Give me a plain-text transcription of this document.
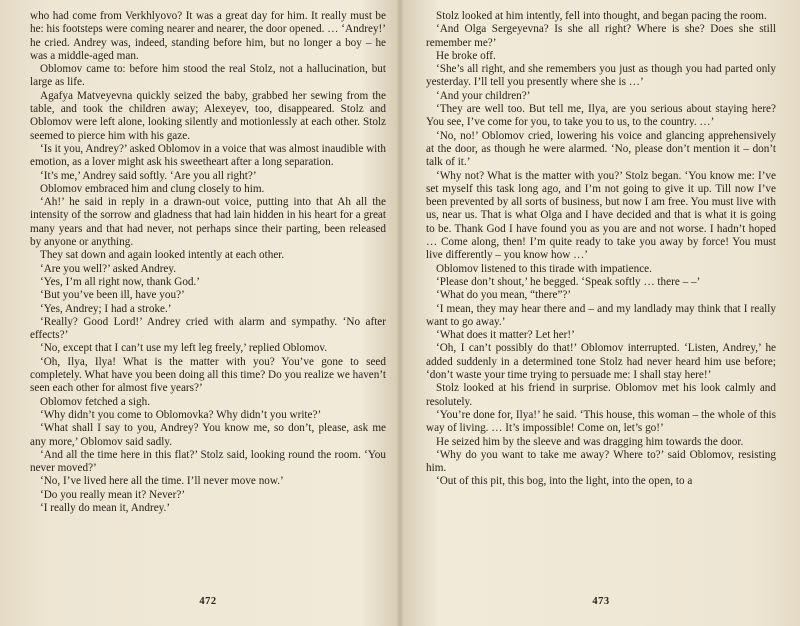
who had come from Verkhlyovo? It was a great day for him. It really must be he: his footsteps were coming nearer and nearer, the door opened. … ‘Andrey!’ he cried. Andrey was, indeed, standing before him, but no longer a boy – he was a middle-aged man.

Oblomov came to: before him stood the real Stolz, not a hallucination, but large as life.

Agafya Matveyevna quickly seized the baby, grabbed her sewing from the table, and took the children away; Alexeyev, too, disappeared. Stolz and Oblomov were left alone, looking silently and motionlessly at each other. Stolz seemed to pierce him with his gaze.

‘Is it you, Andrey?’ asked Oblomov in a voice that was almost inaudible with emotion, as a lover might ask his sweetheart after a long separation.

‘It’s me,’ Andrey said softly. ‘Are you all right?’

Oblomov embraced him and clung closely to him.

‘Ah!’ he said in reply in a drawn-out voice, putting into that Ah all the intensity of the sorrow and gladness that had lain hidden in his heart for a great many years and that had never, not perhaps since their parting, been released by anyone or anything.

They sat down and again looked intently at each other.

‘Are you well?’ asked Andrey.

‘Yes, I’m all right now, thank God.’

‘But you’ve been ill, have you?’

‘Yes, Andrey; I had a stroke.’

‘Really? Good Lord!’ Andrey cried with alarm and sympathy. ‘No after effects?’

‘No, except that I can’t use my left leg freely,’ replied Oblomov.

‘Oh, Ilya, Ilya! What is the matter with you? You’ve gone to seed completely. What have you been doing all this time? Do you realize we haven’t seen each other for almost five years?’

Oblomov fetched a sigh.

‘Why didn’t you come to Oblomovka? Why didn’t you write?’

‘What shall I say to you, Andrey? You know me, so don’t, please, ask me any more,’ Oblomov said sadly.

‘And all the time here in this flat?’ Stolz said, looking round the room. ‘You never moved?’

‘No, I’ve lived here all the time. I’ll never move now.’

‘Do you really mean it? Never?’

‘I really do mean it, Andrey.’

472

Stolz looked at him intently, fell into thought, and began pacing the room.

‘And Olga Sergeyevna? Is she all right? Where is she? Does she still remember me?’

He broke off.

‘She’s all right, and she remembers you just as though you had parted only yesterday. I’ll tell you presently where she is …’

‘And your children?’

‘They are well too. But tell me, Ilya, are you serious about staying here? You see, I’ve come for you, to take you to us, to the country. …’

‘No, no!’ Oblomov cried, lowering his voice and glancing apprehensively at the door, as though he were alarmed. ‘No, please don’t mention it – don’t talk of it.’

‘Why not? What is the matter with you?’ Stolz began. ‘You know me: I’ve set myself this task long ago, and I’m not going to give it up. Till now I’ve been prevented by all sorts of business, but now I am free. You must live with us, near us. That is what Olga and I have decided and that is what it is going to be. Thank God I have found you as you are and not worse. I hadn’t hoped … Come along, then! I’m quite ready to take you away by force! You must live differently – you know how …’

Oblomov listened to this tirade with impatience.

‘Please don’t shout,’ he begged. ‘Speak softly … there – –’

‘What do you mean, “there”?’

‘I mean, they may hear there and – and my landlady may think that I really want to go away.’

‘What does it matter? Let her!’

‘Oh, I can’t possibly do that!’ Oblomov interrupted. ‘Listen, Andrey,’ he added suddenly in a determined tone Stolz had never heard him use before; ‘don’t waste your time trying to persuade me: I shall stay here!’

Stolz looked at his friend in surprise. Oblomov met his look calmly and resolutely.

‘You’re done for, Ilya!’ he said. ‘This house, this woman – the whole of this way of living. … It’s impossible! Come on, let’s go!’

He seized him by the sleeve and was dragging him towards the door.

‘Why do you want to take me away? Where to?’ said Oblomov, resisting him.

‘Out of this pit, this bog, into the light, into the open, to a

473
